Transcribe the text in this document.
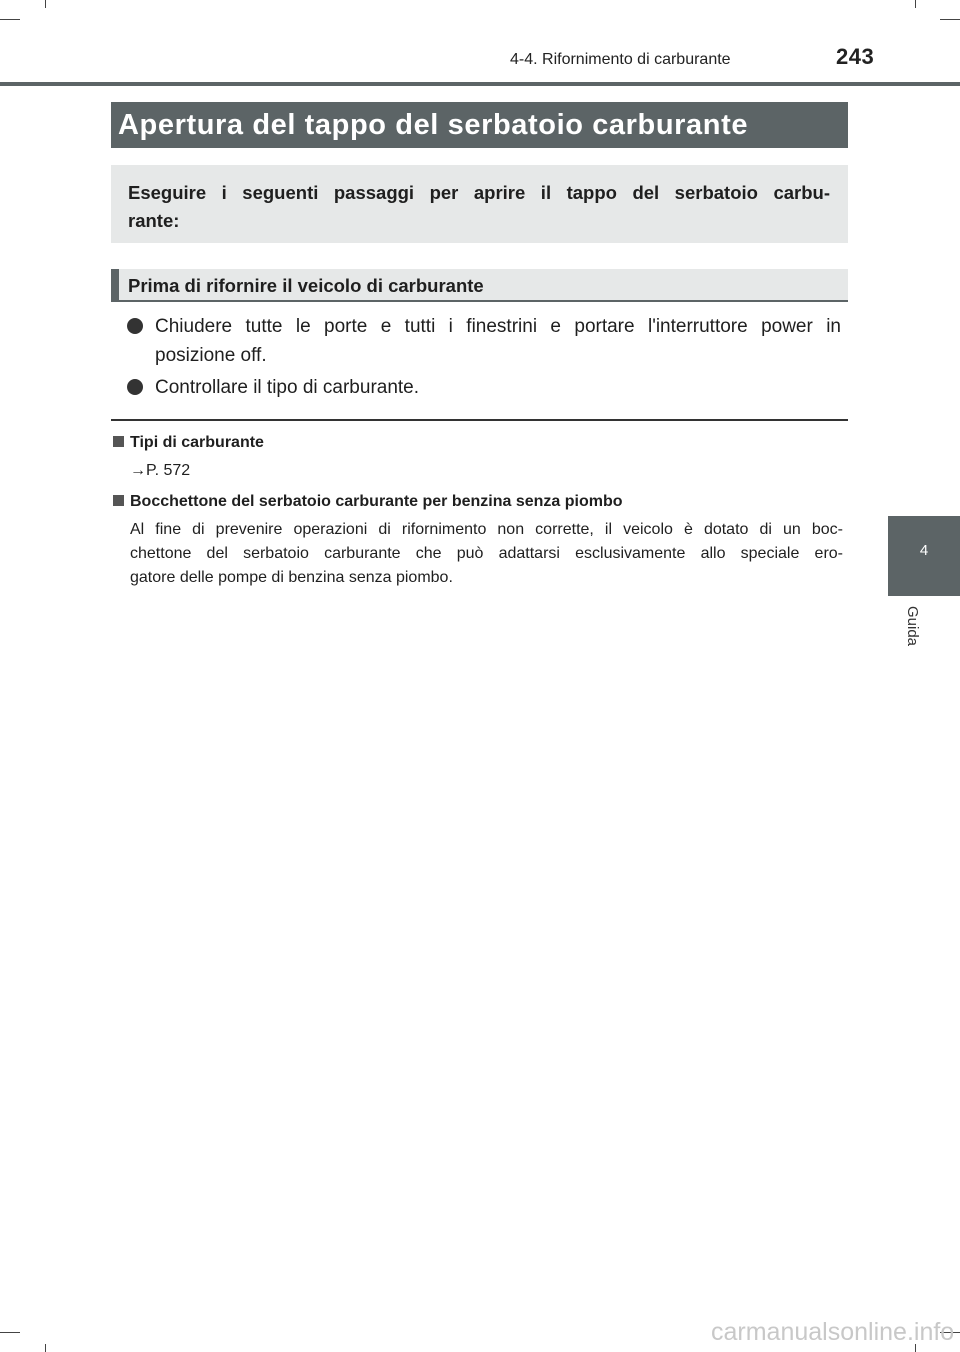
4-4. Rifornimento di carburante	243
Apertura del tappo del serbatoio carburante
Eseguire i seguenti passaggi per aprire il tappo del serbatoio carbu-
rante:
Prima di rifornire il veicolo di carburante
Chiudere tutte le porte e tutti i finestrini e portare l'interruttore power in
posizione off.
Controllare il tipo di carburante.
Tipi di carburante
→P. 572
Bocchettone del serbatoio carburante per benzina senza piombo
Al fine di prevenire operazioni di rifornimento non corrette, il veicolo è dotato di un boc-
chettone del serbatoio carburante che può adattarsi esclusivamente allo speciale ero-
gatore delle pompe di benzina senza piombo.
4
Guida
carmanualsonline.info
